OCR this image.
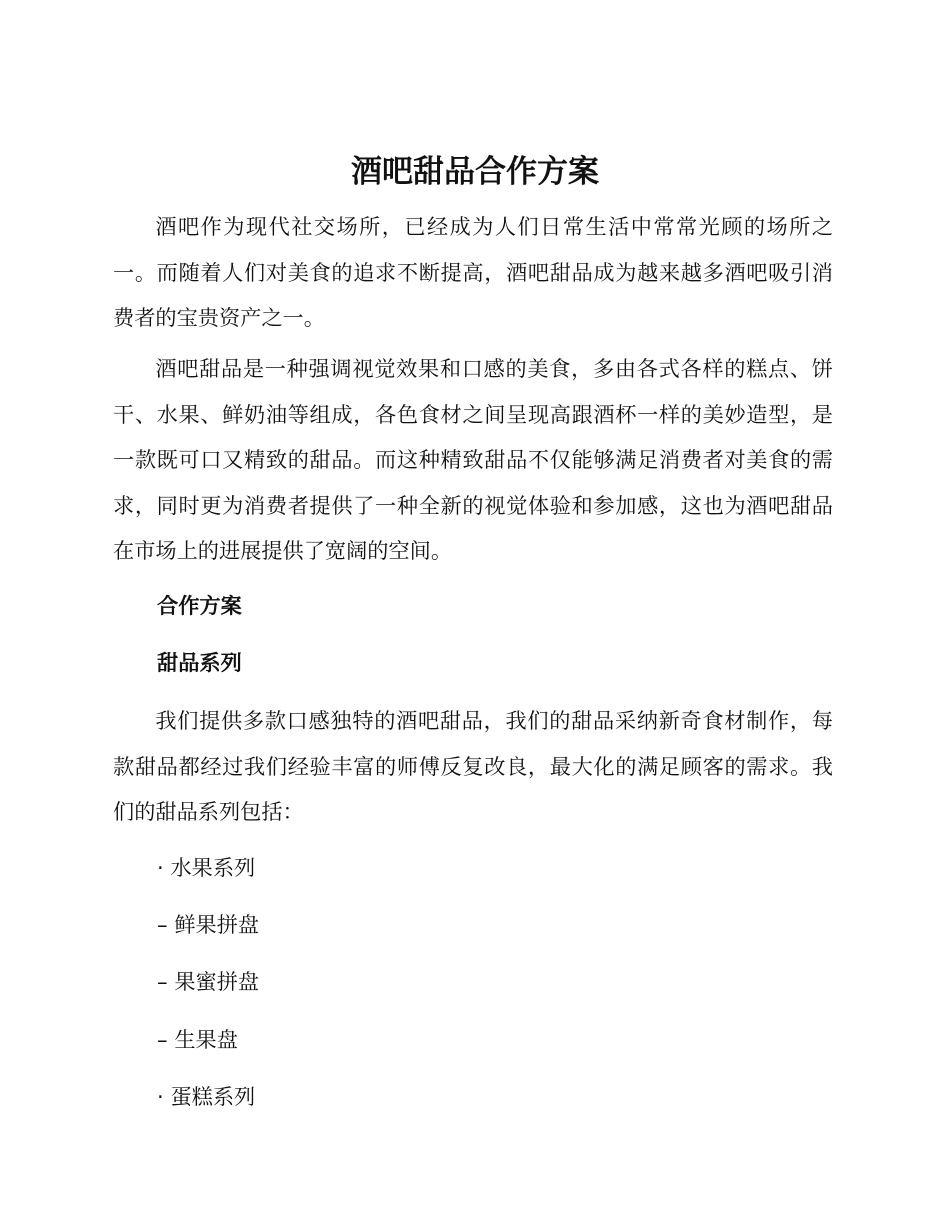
酒吧甜品合作方案

酒吧作为现代社交场所，已经成为人们日常生活中常常光顾的场所之一。而随着人们对美食的追求不断提高，酒吧甜品成为越来越多酒吧吸引消费者的宝贵资产之一。

酒吧甜品是一种强调视觉效果和口感的美食，多由各式各样的糕点、饼干、水果、鲜奶油等组成，各色食材之间呈现高跟酒杯一样的美妙造型，是一款既可口又精致的甜品。而这种精致甜品不仅能够满足消费者对美食的需求，同时更为消费者提供了一种全新的视觉体验和参加感，这也为酒吧甜品在市场上的进展提供了宽阔的空间。

合作方案

甜品系列

我们提供多款口感独特的酒吧甜品，我们的甜品采纳新奇食材制作，每款甜品都经过我们经验丰富的师傅反复改良，最大化的满足顾客的需求。我们的甜品系列包括：

· 水果系列

– 鲜果拼盘

– 果蜜拼盘

– 生果盘

· 蛋糕系列
